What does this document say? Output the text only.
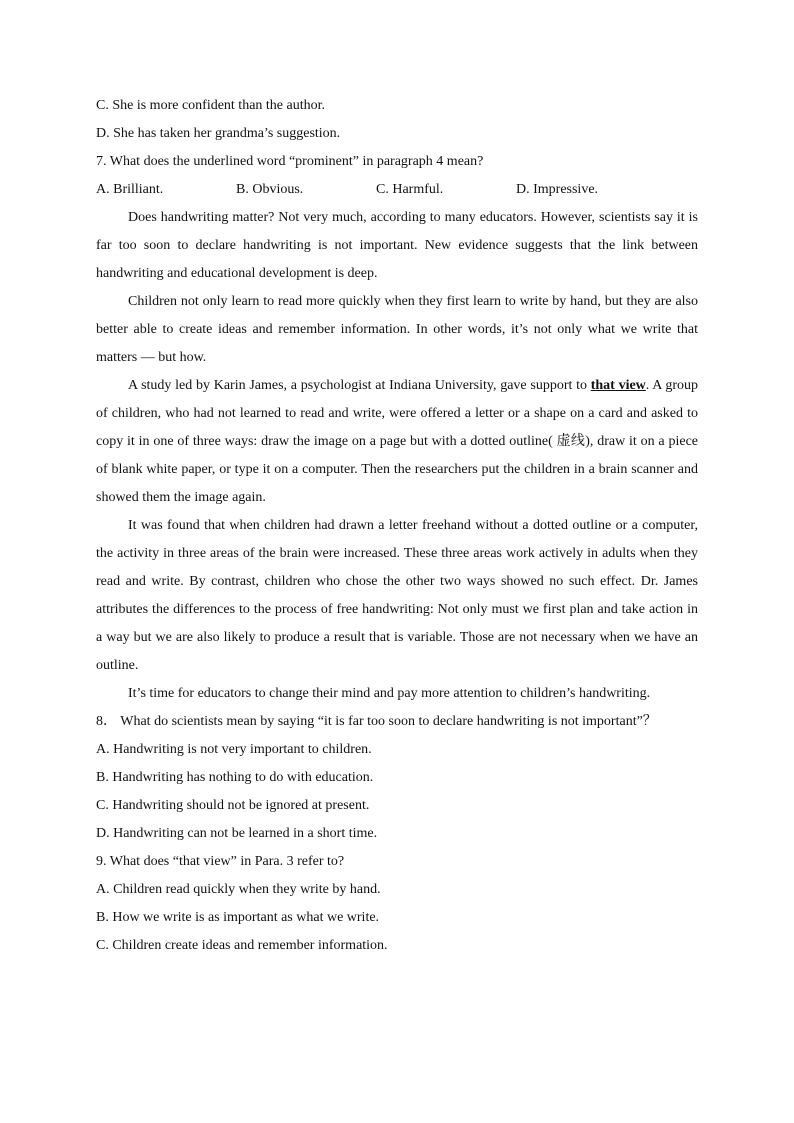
C. She is more confident than the author.
D. She has taken her grandma’s suggestion.
7. What does the underlined word “prominent” in paragraph 4 mean?
A. Brilliant.	B. Obvious.	C. Harmful.	D. Impressive.

Does handwriting matter? Not very much, according to many educators. However, scientists say it is far too soon to declare handwriting is not important. New evidence suggests that the link between handwriting and educational development is deep.

Children not only learn to read more quickly when they first learn to write by hand, but they are also better able to create ideas and remember information. In other words, it’s not only what we write that matters — but how.

A study led by Karin James, a psychologist at Indiana University, gave support to that view. A group of children, who had not learned to read and write, were offered a letter or a shape on a card and asked to copy it in one of three ways: draw the image on a page but with a dotted outline( 虚线), draw it on a piece of blank white paper, or type it on a computer. Then the researchers put the children in a brain scanner and showed them the image again.

It was found that when children had drawn a letter freehand without a dotted outline or a computer, the activity in three areas of the brain were increased. These three areas work actively in adults when they read and write. By contrast, children who chose the other two ways showed no such effect. Dr. James attributes the differences to the process of free handwriting: Not only must we first plan and take action in a way but we are also likely to produce a result that is variable. Those are not necessary when we have an outline.

It’s time for educators to change their mind and pay more attention to children’s handwriting.

8． What do scientists mean by saying “it is far too soon to declare handwriting is not important”？

A. Handwriting is not very important to children.
B. Handwriting has nothing to do with education.
C. Handwriting should not be ignored at present.
D. Handwriting can not be learned in a short time.
9. What does “that view” in Para. 3 refer to?
A. Children read quickly when they write by hand.
B. How we write is as important as what we write.
C. Children create ideas and remember information.
